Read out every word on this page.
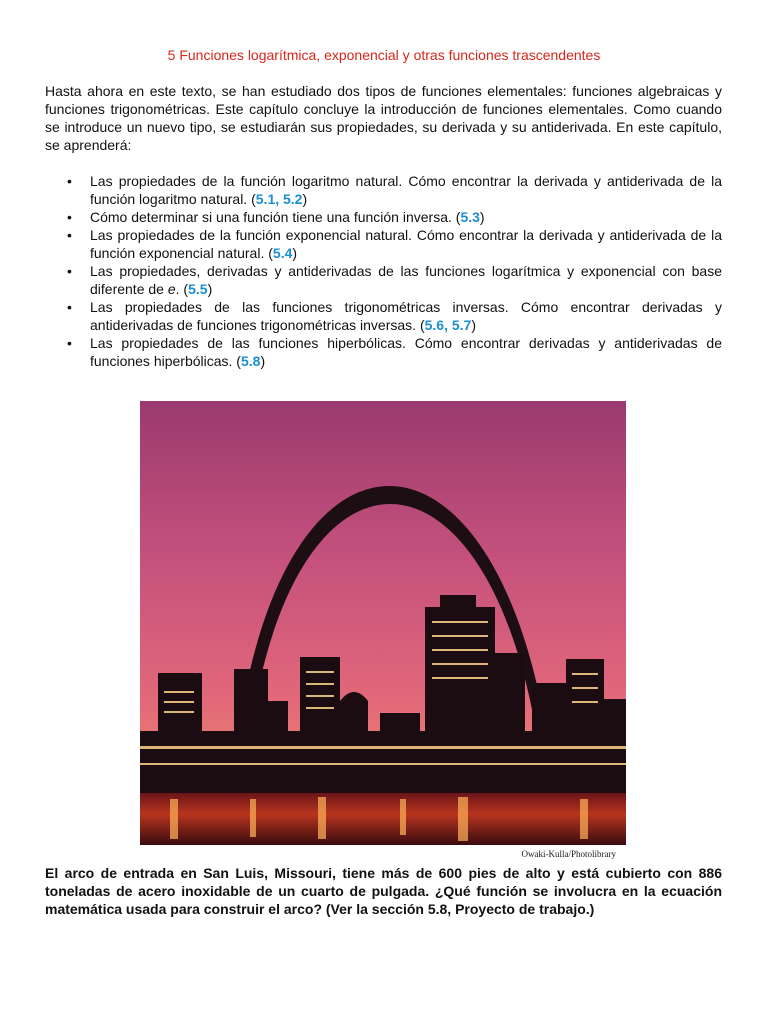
5 Funciones logarítmica, exponencial y otras funciones trascendentes

Hasta ahora en este texto, se han estudiado dos tipos de funciones elementales: funciones algebraicas y funciones trigonométricas. Este capítulo concluye la introducción de funciones elementales. Como cuando se introduce un nuevo tipo, se estudiarán sus propiedades, su derivada y su antiderivada. En este capítulo, se aprenderá:

• Las propiedades de la función logaritmo natural. Cómo encontrar la derivada y antiderivada de la función logaritmo natural. (5.1, 5.2)
• Cómo determinar si una función tiene una función inversa. (5.3)
• Las propiedades de la función exponencial natural. Cómo encontrar la derivada y antiderivada de la función exponencial natural. (5.4)
• Las propiedades, derivadas y antiderivadas de las funciones logarítmica y exponencial con base diferente de e. (5.5)
• Las propiedades de las funciones trigonométricas inversas. Cómo encontrar derivadas y antiderivadas de funciones trigonométricas inversas. (5.6, 5.7)
• Las propiedades de las funciones hiperbólicas. Cómo encontrar derivadas y antiderivadas de funciones hiperbólicas. (5.8)
Owaki-Kulla/Photolibrary

El arco de entrada en San Luis, Missouri, tiene más de 600 pies de alto y está cubierto con 886 toneladas de acero inoxidable de un cuarto de pulgada. ¿Qué función se involucra en la ecuación matemática usada para construir el arco? (Ver la sección 5.8, Proyecto de trabajo.)
